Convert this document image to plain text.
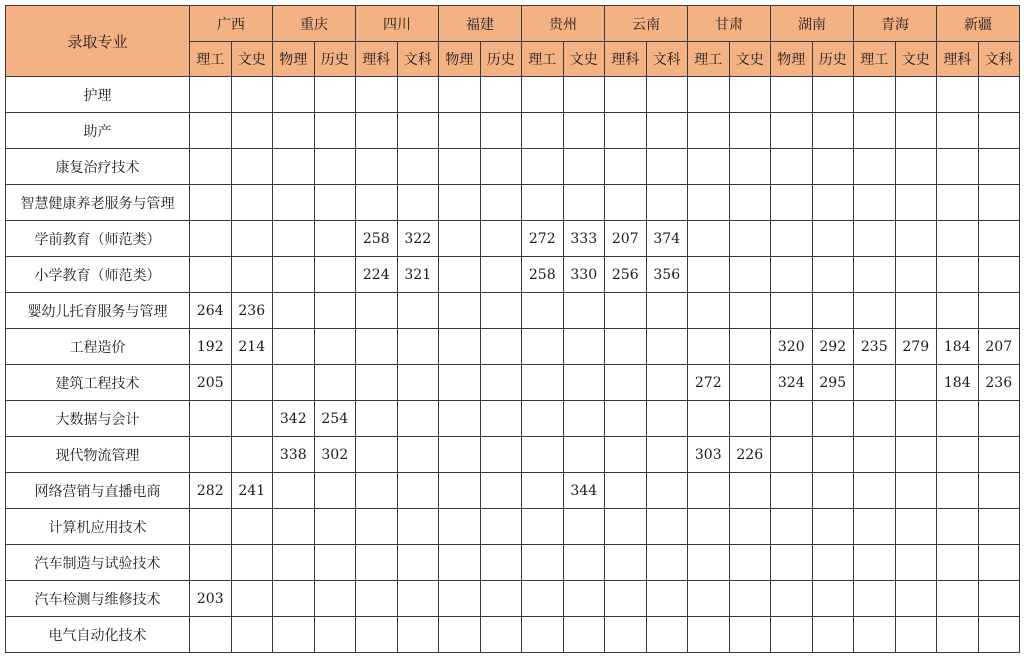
录取专业	广西		重庆		四川		福建		贵州		云南		甘肃		湖南		青海		新疆	
	理工	文史	物理	历史	理科	文科	物理	历史	理工	文史	理科	文科	理工	文史	物理	历史	理工	文史	理科	文科
护理																				
助产																				
康复治疗技术																				
智慧健康养老服务与管理																				
学前教育（师范类）					258	322			272	333	207	374								
小学教育（师范类）					224	321			258	330	256	356								
婴幼儿托育服务与管理	264	236																		
工程造价	192	214													320	292	235	279	184	207
建筑工程技术	205												272		324	295			184	236
大数据与会计			342	254																
现代物流管理			338	302									303	226						
网络营销与直播电商	282	241								344										
计算机应用技术																				
汽车制造与试验技术																				
汽车检测与维修技术	203																			
电气自动化技术																				
